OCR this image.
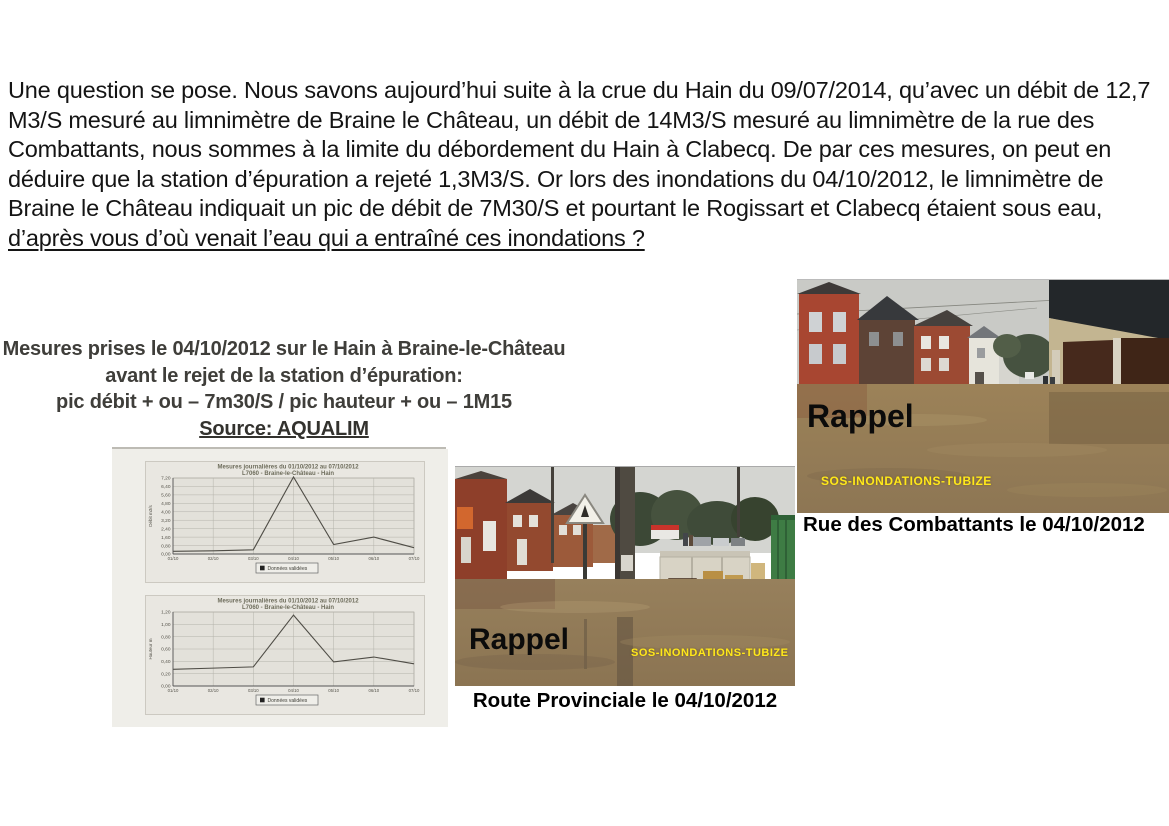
Une question se pose. Nous savons aujourd’hui suite à la crue du Hain du 09/07/2014, qu’avec un débit de 12,7 M3/S mesuré au limnimètre de Braine le Château, un débit de 14M3/S mesuré au limnimètre de la rue des Combattants, nous sommes à la limite du débordement du Hain à Clabecq. De par ces mesures, on peut en déduire que la station d’épuration a rejeté 1,3M3/S. Or lors des inondations du 04/10/2012, le limnimètre de Braine le Château indiquait un pic de débit de 7M30/S et pourtant le Rogissart et Clabecq étaient sous eau, d’après vous d’où venait l’eau qui a entraîné ces inondations ?
Mesures prises le 04/10/2012 sur le Hain à Braine-le-Château
avant le rejet de la station d’épuration:
pic débit + ou – 7m30/S / pic hauteur + ou – 1M15
Source: AQUALIM
7,20
6,40
5,60
4,80
4,00
3,20
2,40
1,60
0,80
0,00
01/10	02/10	03/10	04/10	05/10	06/10	07/10
Mesures journalières du 01/10/2012 au 07/10/2012
L7060 - Braine-le-Château - Hain
Débit m3/s
Données validées
1,20
1,00
0,80
0,60
0,40
0,20
0,00
01/10	02/10	03/10	04/10	05/10	06/10	07/10
Mesures journalières du 01/10/2012 au 07/10/2012
L7060 - Braine-le-Château - Hain
Hauteur m
Données validées
Rappel
SOS-INONDATIONS-TUBIZE
Rue des Combattants le 04/10/2012
Rappel	SOS-INONDATIONS-TUBIZE
Route Provinciale le 04/10/2012
